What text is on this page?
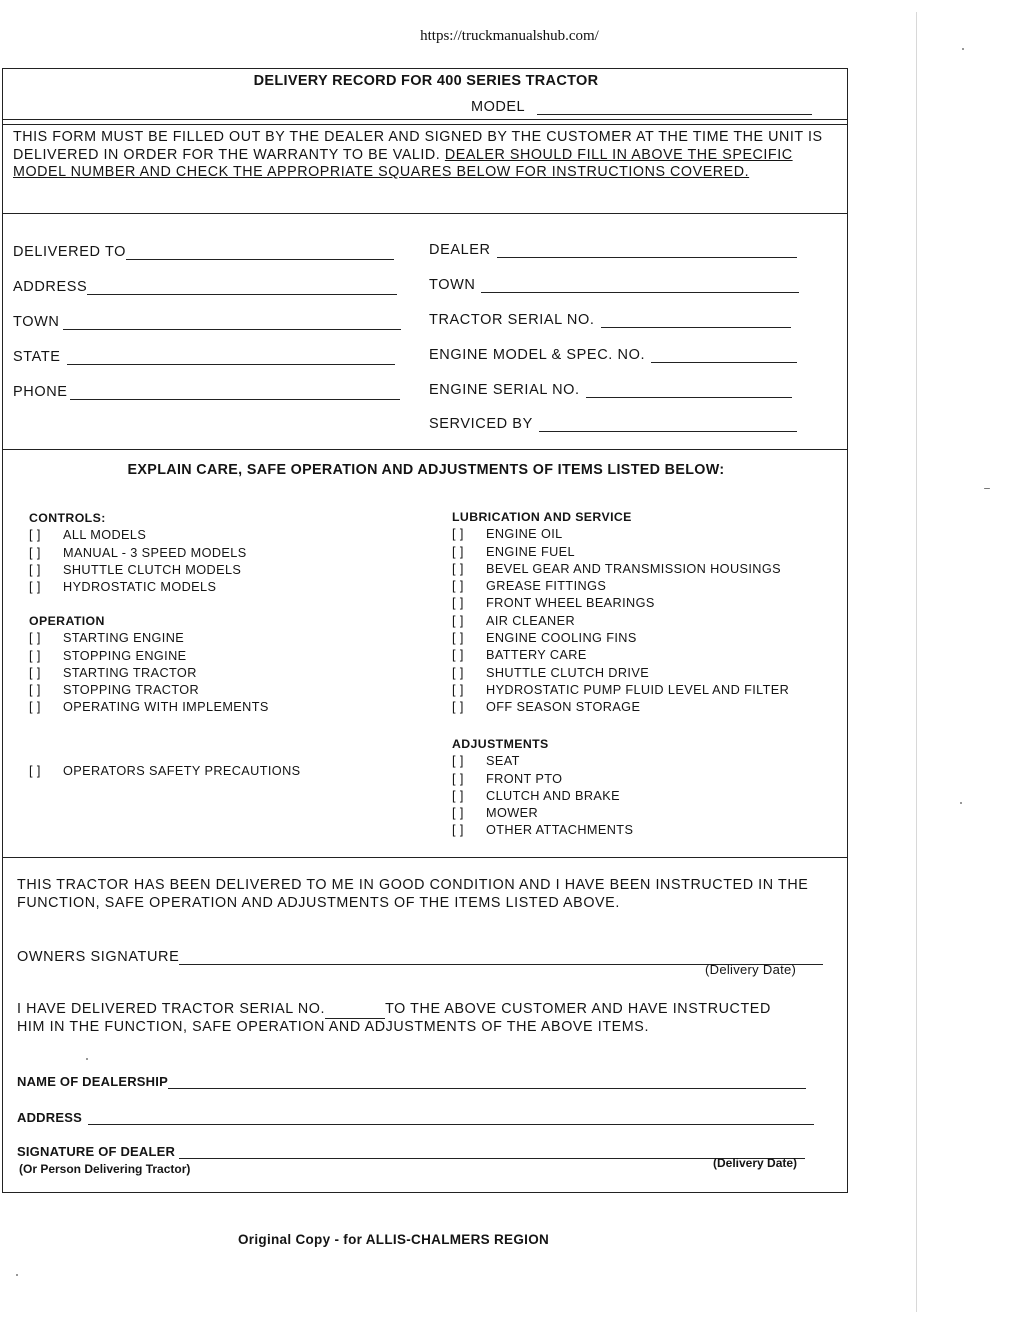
https://truckmanualshub.com/
DELIVERY RECORD FOR 400 SERIES TRACTOR
MODEL
THIS FORM MUST BE FILLED OUT BY THE DEALER AND SIGNED BY THE CUSTOMER AT THE TIME THE UNIT IS DELIVERED IN ORDER FOR THE WARRANTY TO BE VALID. DEALER SHOULD FILL IN ABOVE THE SPECIFIC MODEL NUMBER AND CHECK THE APPROPRIATE SQUARES BELOW FOR INSTRUCTIONS COVERED.
DELIVERED TO
ADDRESS
TOWN
STATE
PHONE
DEALER
TOWN
TRACTOR SERIAL NO.
ENGINE MODEL & SPEC. NO.
ENGINE SERIAL NO.
SERVICED BY
EXPLAIN CARE, SAFE OPERATION AND ADJUSTMENTS OF ITEMS LISTED BELOW:
CONTROLS:
[ ] ALL MODELS
[ ] MANUAL - 3 SPEED MODELS
[ ] SHUTTLE CLUTCH MODELS
[ ] HYDROSTATIC MODELS
OPERATION
[ ] STARTING ENGINE
[ ] STOPPING ENGINE
[ ] STARTING TRACTOR
[ ] STOPPING TRACTOR
[ ] OPERATING WITH IMPLEMENTS
[ ] OPERATORS SAFETY PRECAUTIONS
LUBRICATION AND SERVICE
[ ] ENGINE OIL
[ ] ENGINE FUEL
[ ] BEVEL GEAR AND TRANSMISSION HOUSINGS
[ ] GREASE FITTINGS
[ ] FRONT WHEEL BEARINGS
[ ] AIR CLEANER
[ ] ENGINE COOLING FINS
[ ] BATTERY CARE
[ ] SHUTTLE CLUTCH DRIVE
[ ] HYDROSTATIC PUMP FLUID LEVEL AND FILTER
[ ] OFF SEASON STORAGE
ADJUSTMENTS
[ ] SEAT
[ ] FRONT PTO
[ ] CLUTCH AND BRAKE
[ ] MOWER
[ ] OTHER ATTACHMENTS
THIS TRACTOR HAS BEEN DELIVERED TO ME IN GOOD CONDITION AND I HAVE BEEN INSTRUCTED IN THE FUNCTION, SAFE OPERATION AND ADJUSTMENTS OF THE ITEMS LISTED ABOVE.
OWNERS SIGNATURE
(Delivery Date)
I HAVE DELIVERED TRACTOR SERIAL NO.	TO THE ABOVE CUSTOMER AND HAVE INSTRUCTED
HIM IN THE FUNCTION, SAFE OPERATION AND ADJUSTMENTS OF THE ABOVE ITEMS.
NAME OF DEALERSHIP
ADDRESS
SIGNATURE OF DEALER
(Or Person Delivering Tractor)	(Delivery Date)
Original Copy - for ALLIS-CHALMERS REGION
